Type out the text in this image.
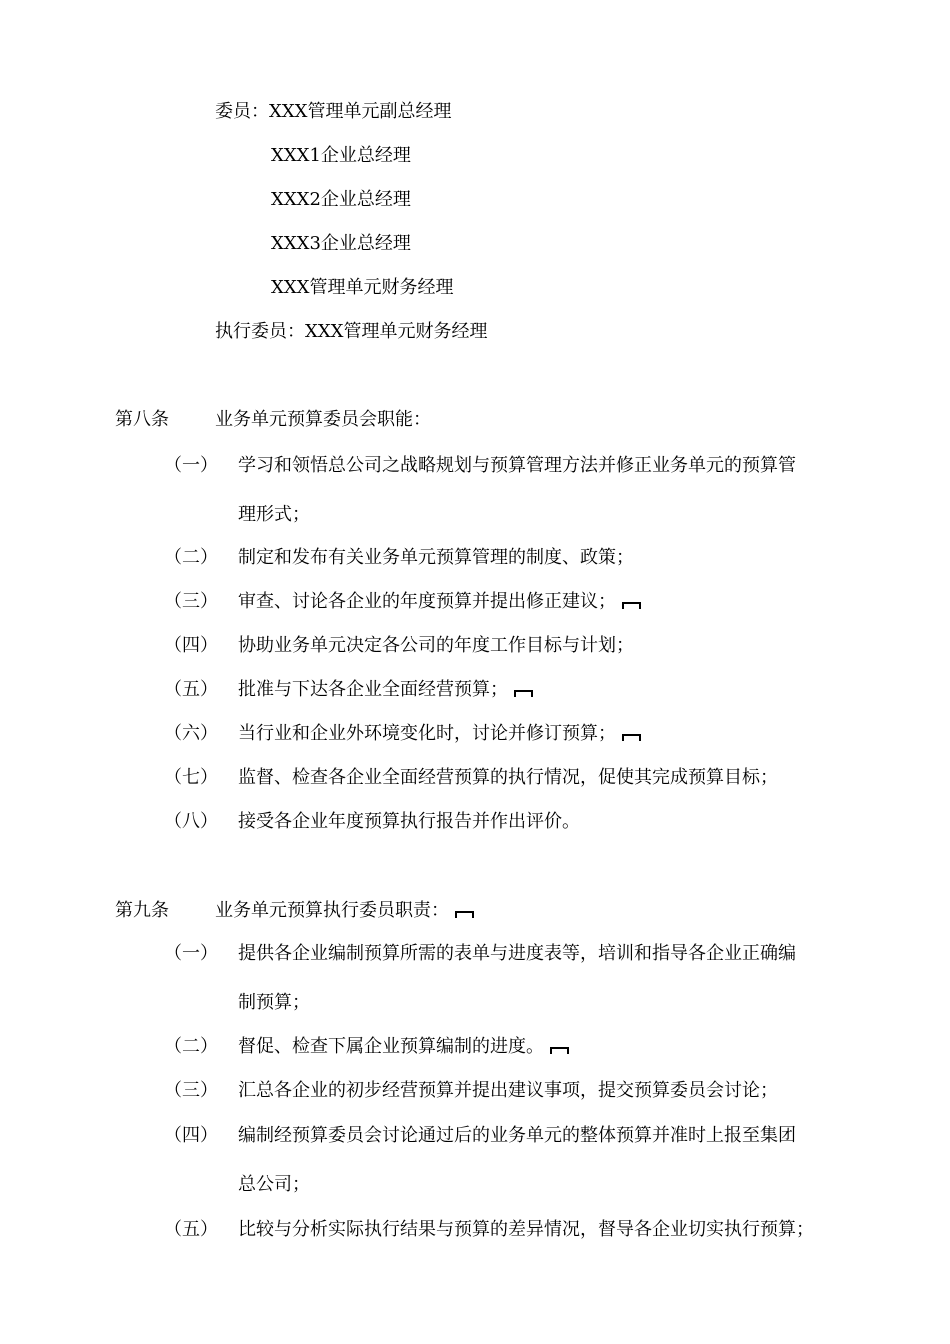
委员：XXX管理单元副总经理
XXX1企业总经理
XXX2企业总经理
XXX3企业总经理
XXX管理单元财务经理
执行委员：XXX管理单元财务经理
第八条	业务单元预算委员会职能：
（一） 学习和领悟总公司之战略规划与预算管理方法并修正业务单元的预算管
理形式；
（二） 制定和发布有关业务单元预算管理的制度、政策；
（三） 审查、讨论各企业的年度预算并提出修正建议；
（四） 协助业务单元决定各公司的年度工作目标与计划；
（五） 批准与下达各企业全面经营预算；
（六） 当行业和企业外环境变化时，讨论并修订预算；
（七） 监督、检查各企业全面经营预算的执行情况，促使其完成预算目标；
（八） 接受各企业年度预算执行报告并作出评价。
第九条	业务单元预算执行委员职责：
（一） 提供各企业编制预算所需的表单与进度表等，培训和指导各企业正确编
制预算；
（二） 督促、检查下属企业预算编制的进度。
（三） 汇总各企业的初步经营预算并提出建议事项，提交预算委员会讨论；
（四） 编制经预算委员会讨论通过后的业务单元的整体预算并准时上报至集团
总公司；
（五） 比较与分析实际执行结果与预算的差异情况，督导各企业切实执行预算；
